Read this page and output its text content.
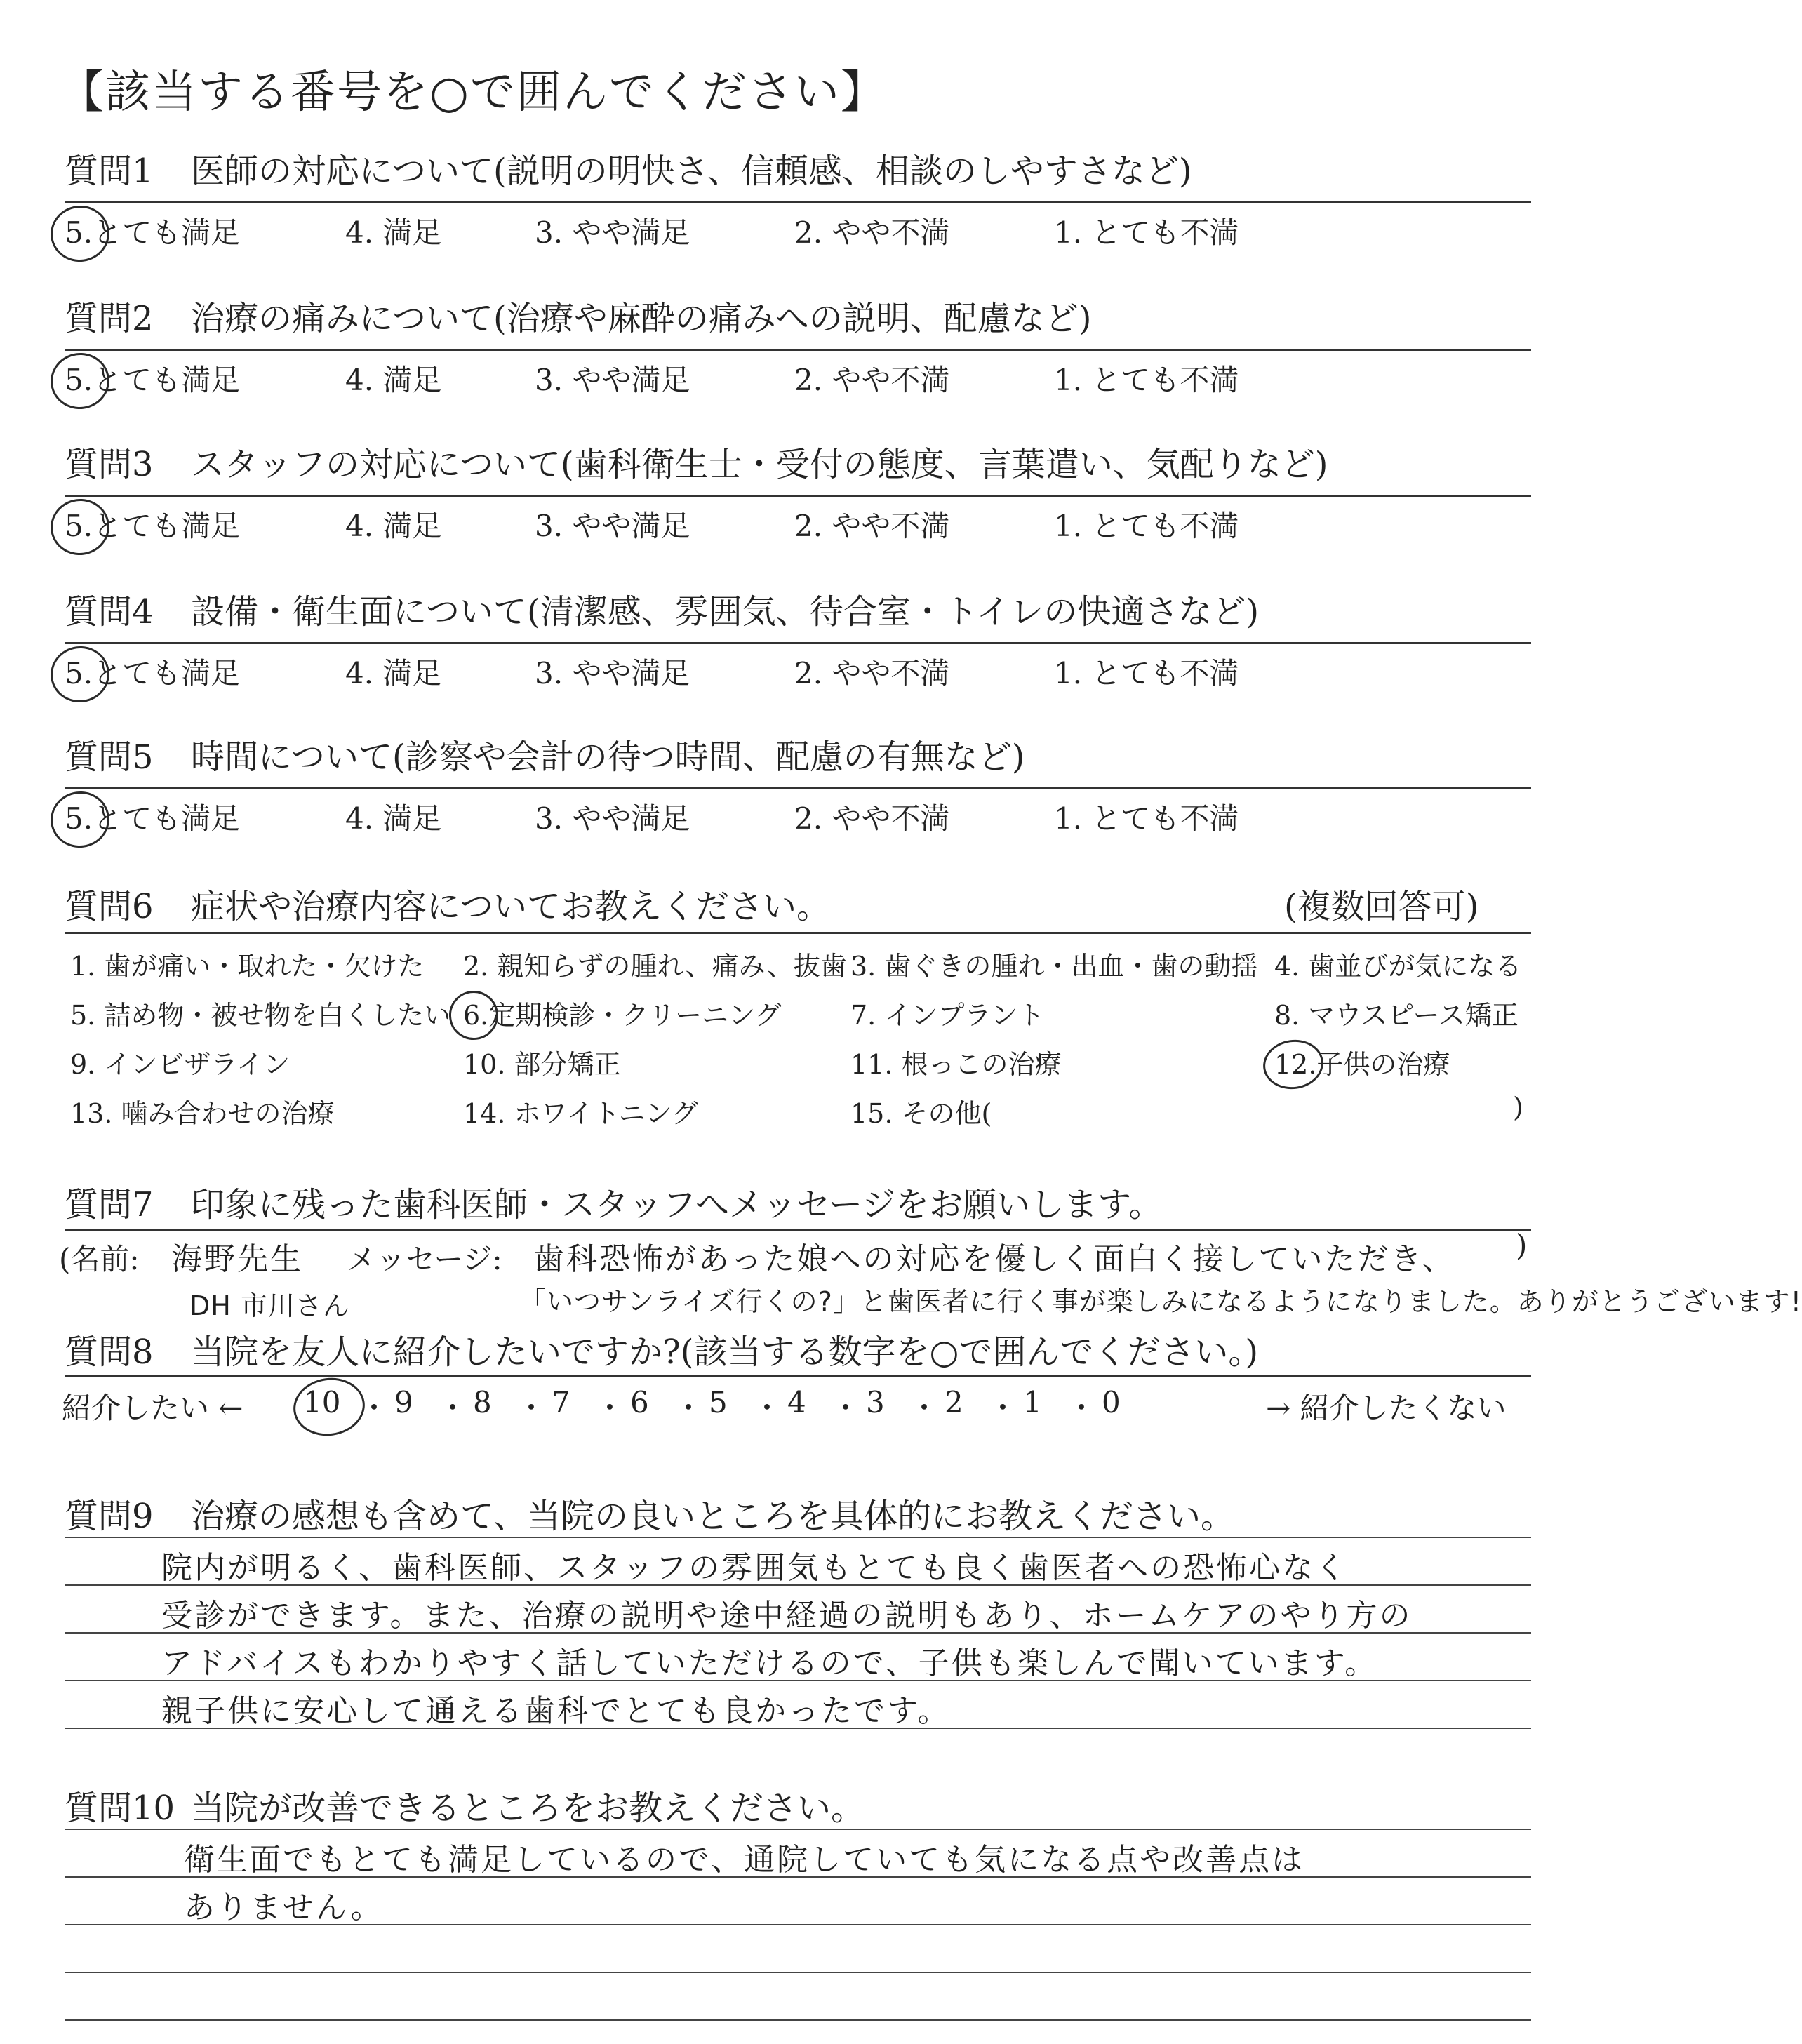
【該当する番号を○で囲んでください】
質問1 医師の対応について(説明の明快さ、信頼感、相談のしやすさなど)
5.とても満足	4. 満足	3. やや満足	2. やや不満	1. とても不満
質問2 治療の痛みについて(治療や麻酔の痛みへの説明、配慮など)
5.とても満足	4. 満足	3. やや満足	2. やや不満	1. とても不満
質問3 スタッフの対応について(歯科衛生士・受付の態度、言葉遣い、気配りなど)
5.とても満足	4. 満足	3. やや満足	2. やや不満	1. とても不満
質問4 設備・衛生面について(清潔感、雰囲気、待合室・トイレの快適さなど)
5.とても満足	4. 満足	3. やや満足	2. やや不満	1. とても不満
質問5 時間について(診察や会計の待つ時間、配慮の有無など)
5.とても満足	4. 満足	3. やや満足	2. やや不満	1. とても不満
質問6 症状や治療内容についてお教えください。	(複数回答可)
1. 歯が痛い・取れた・欠けた 2. 親知らずの腫れ、痛み、抜歯 3. 歯ぐきの腫れ・出血・歯の動揺 4. 歯並びが気になる
5. 詰め物・被せ物を白くしたい 6.定期検診・クリーニング	7. インプラント	8. マウスピース矯正
9. インビザライン	10. 部分矯正	11. 根っこの治療	12.子供の治療
13. 噛み合わせの治療	14. ホワイトニング	15. その他(	)
質問7 印象に残った歯科医師・スタッフへメッセージをお願いします。
(名前: 海野先生
DH 市川さん
メッセージ: 歯科恐怖があった娘への対応を優しく面白く接していただき、 )
「いつサンライズ行くの?」と歯医者に行く事が楽しみになるようになりました。ありがとうございます!
質問8 当院を友人に紹介したいですか?(該当する数字を○で囲んでください。)
紹介したい ← 10 ・ 9 ・ 8 ・ 7 ・ 6 ・ 5 ・ 4 ・ 3 ・ 2 ・ 1 ・ 0	→ 紹介したくない
質問9 治療の感想も含めて、当院の良いところを具体的にお教えください。
院内が明るく、歯科医師、スタッフの雰囲気もとても良く歯医者への恐怖心なく
受診ができます。また、治療の説明や途中経過の説明もあり、ホームケアのやり方の
アドバイスもわかりやすく話していただけるので、子供も楽しんで聞いています。
親子供に安心して通える歯科でとても良かったです。
質問10 当院が改善できるところをお教えください。
衛生面でもとても満足しているので、通院していても気になる点や改善点は
ありません。
